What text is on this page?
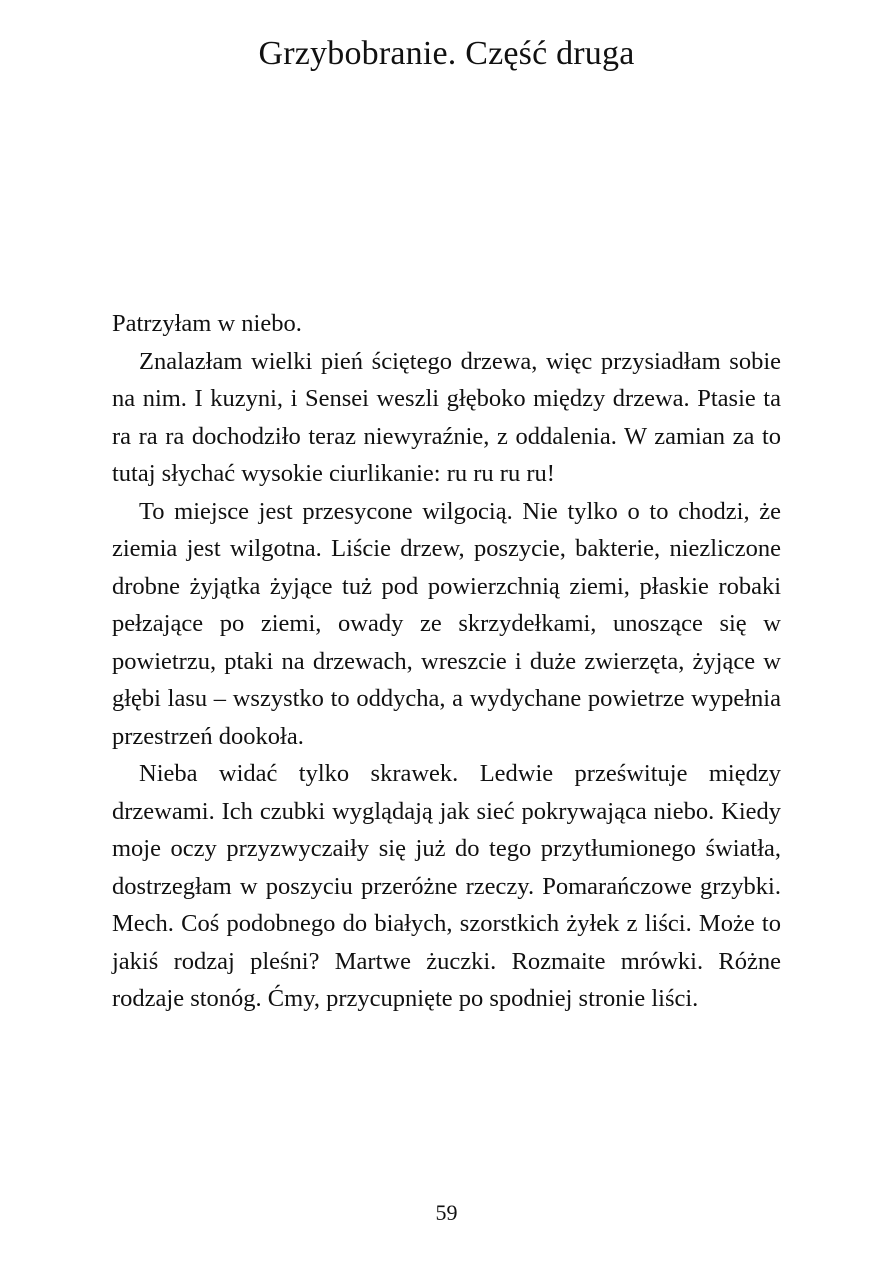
Grzybobranie. Część druga

Patrzyłam w niebo.

Znalazłam wielki pień ściętego drzewa, więc przysiadłam sobie na nim. I kuzyni, i Sensei weszli głęboko między drzewa. Ptasie ta ra ra ra dochodziło teraz niewyraźnie, z oddalenia. W zamian za to tutaj słychać wysokie ciurlikanie: ru ru ru ru!

To miejsce jest przesycone wilgocią. Nie tylko o to chodzi, że ziemia jest wilgotna. Liście drzew, poszycie, bakterie, niezliczone drobne żyjątka żyjące tuż pod powierzchnią ziemi, płaskie robaki pełzające po ziemi, owady ze skrzydełkami, unoszące się w powietrzu, ptaki na drzewach, wreszcie i duże zwierzęta, żyjące w głębi lasu – wszystko to oddycha, a wydychane powietrze wypełnia przestrzeń dookoła.

Nieba widać tylko skrawek. Ledwie prześwituje między drzewami. Ich czubki wyglądają jak sieć pokrywająca niebo. Kiedy moje oczy przyzwyczaiły się już do tego przytłumionego światła, dostrzegłam w poszyciu przeróżne rzeczy. Pomarańczowe grzybki. Mech. Coś podobnego do białych, szorstkich żyłek z liści. Może to jakiś rodzaj pleśni? Martwe żuczki. Rozmaite mrówki. Różne rodzaje stonóg. Ćmy, przycupnięte po spodniej stronie liści.

59
